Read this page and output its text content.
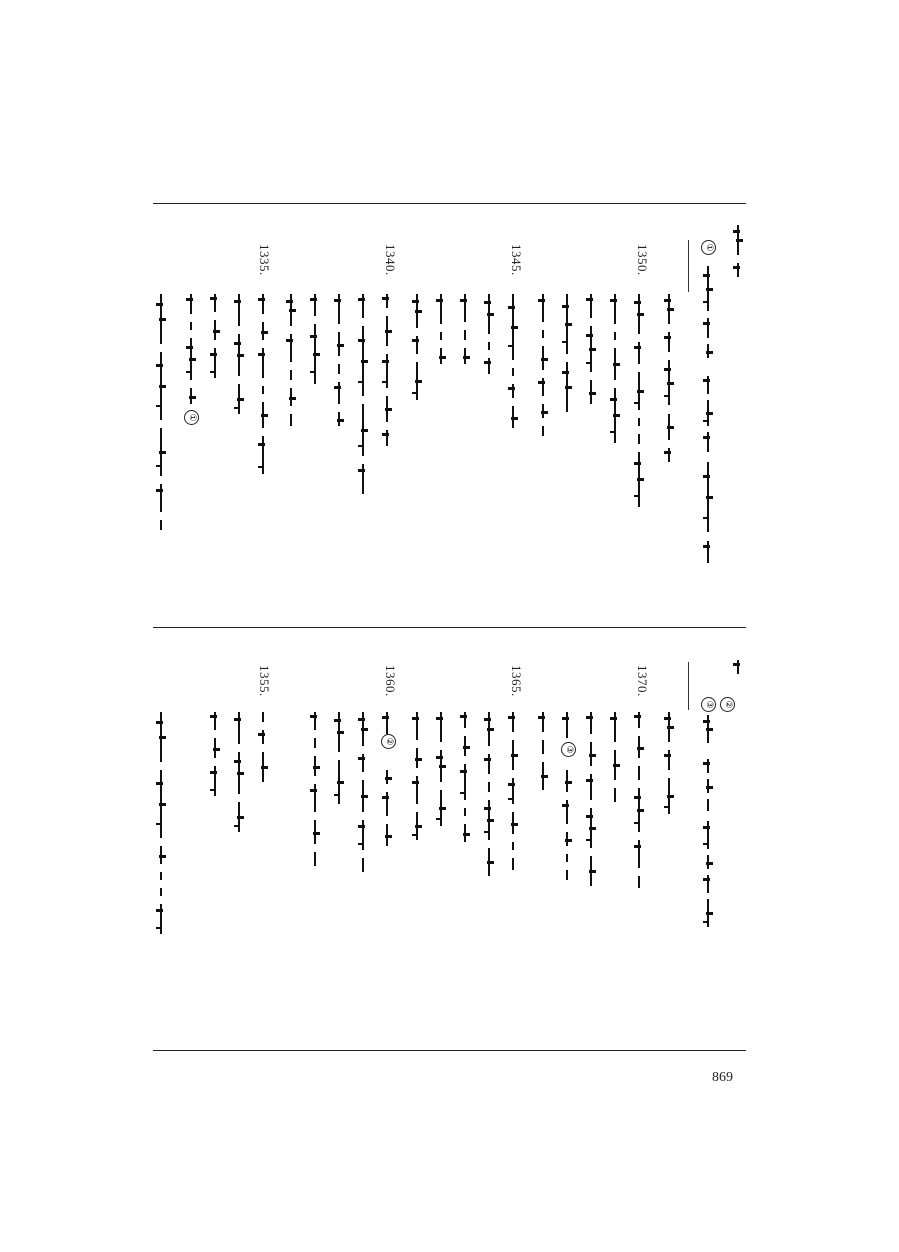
①
1350.
1345.
1340.
1335.
①
②
③
1370.
③
1365.
1360.
②
1355.
869
